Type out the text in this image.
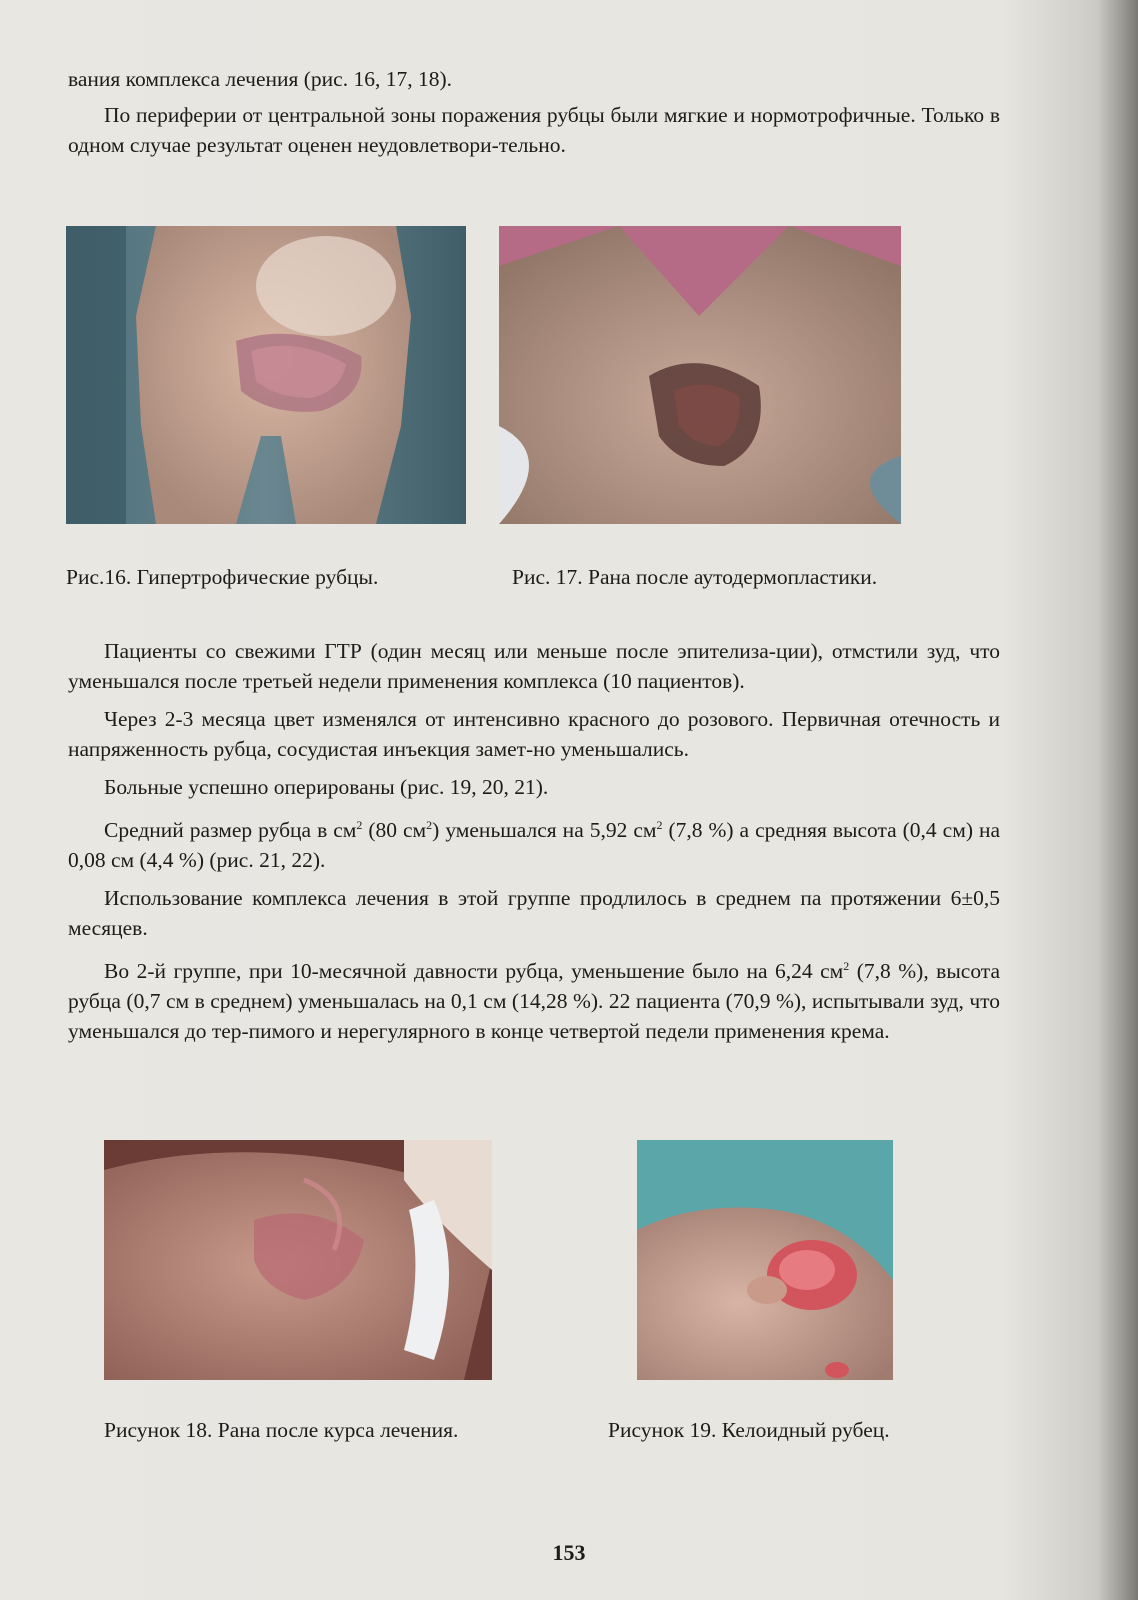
вания комплекса лечения (рис. 16, 17, 18).

По периферии от центральной зоны поражения рубцы были мягкие и нормотрофичные. Только в одном случае результат оценен неудовлетвори-тельно.

Рис.16. Гипертрофические рубцы.	Рис. 17. Рана после аутодермопластики.

Пациенты со свежими ГТР (один месяц или меньше после эпителиза-ции), отмстили зуд, что уменьшался после третьей недели применения комплекса (10 пациентов).

Через 2-3 месяца цвет изменялся от интенсивно красного до розового. Первичная отечность и напряженность рубца, сосудистая инъекция замет-но уменьшались.

Больные успешно оперированы (рис. 19, 20, 21).

Средний размер рубца в $см^2$ (80 $см^2$) уменьшался на 5,92 $см^2$ (7,8 %) а средняя высота (0,4 см) на 0,08 см (4,4 %) (рис. 21, 22).

Использование комплекса лечения в этой группе продлилось в среднем па протяжении 6±0,5 месяцев.

Во 2-й группе, при 10-месячной давности рубца, уменьшение было на 6,24 $см^2$ (7,8 %), высота рубца (0,7 см в среднем) уменьшалась на 0,1 см (14,28 %). 22 пациента (70,9 %), испытывали зуд, что уменьшался до тер-пимого и нерегулярного в конце четвертой педели применения крема.

Рисунок 18. Рана после курса лечения.	Рисунок 19. Келоидный рубец.
153
